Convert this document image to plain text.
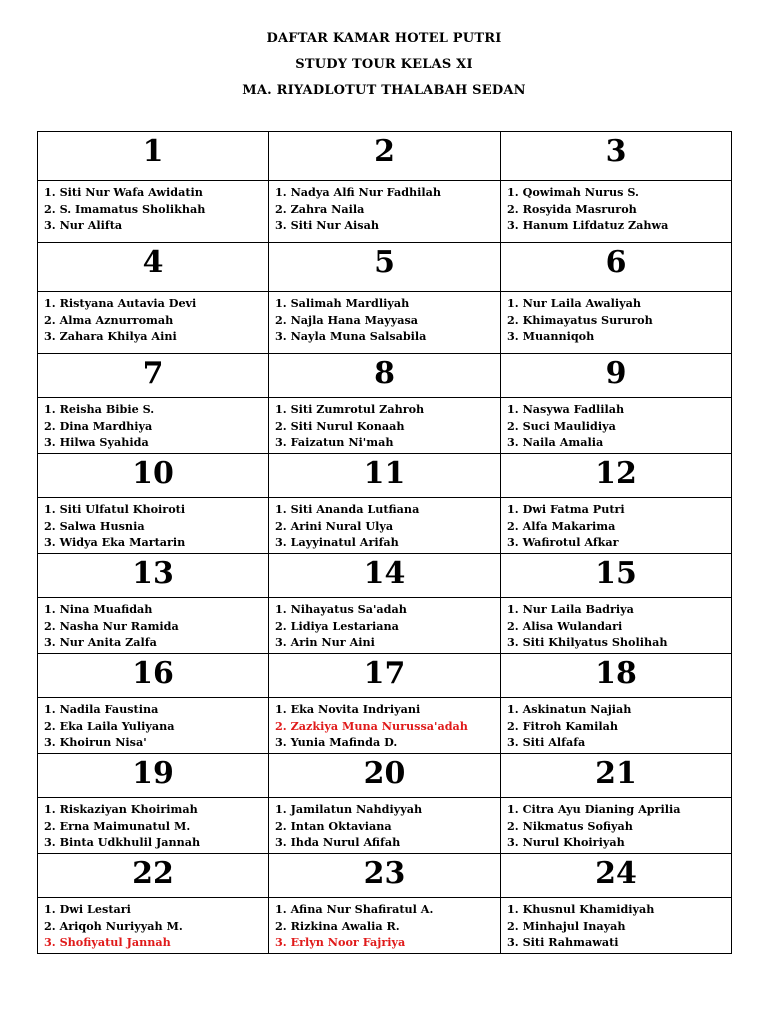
DAFTAR KAMAR HOTEL PUTRI
STUDY TOUR KELAS XI
MA. RIYADLOTUT THALABAH SEDAN
1	2	3

1. Siti Nur Wafa Awidatin
2. S. Imamatus Sholikhah
3. Nur Alifta	1. Nadya Alfi Nur Fadhilah
2. Zahra Naila
3. Siti Nur Aisah	1. Qowimah Nurus S.
2. Rosyida Masruroh
3. Hanum Lifdatuz Zahwa

4	5	6

1. Ristyana Autavia Devi
2. Alma Aznurromah
3. Zahara Khilya Aini	1. Salimah Mardliyah
2. Najla Hana Mayyasa
3. Nayla Muna Salsabila	1. Nur Laila Awaliyah
2. Khimayatus Sururoh
3. Muanniqoh

7	8	9

1. Reisha Bibie S.
2. Dina Mardhiya
3. Hilwa Syahida	1. Siti Zumrotul Zahroh
2. Siti Nurul Konaah
3. Faizatun Ni'mah	1. Nasywa Fadlilah
2. Suci Maulidiya
3. Naila Amalia

10	11	12

1. Siti Ulfatul Khoiroti
2. Salwa Husnia
3. Widya Eka Martarin	1. Siti Ananda Lutfiana
2. Arini Nural Ulya
3. Layyinatul Arifah	1. Dwi Fatma Putri
2. Alfa Makarima
3. Wafirotul Afkar

13	14	15

1. Nina Muafidah
2. Nasha Nur Ramida
3. Nur Anita Zalfa	1. Nihayatus Sa'adah
2. Lidiya Lestariana
3. Arin Nur Aini	1. Nur Laila Badriya
2. Alisa Wulandari
3. Siti Khilyatus Sholihah

16	17	18

1. Nadila Faustina
2. Eka Laila Yuliyana
3. Khoirun Nisa'	1. Eka Novita Indriyani
2. Zazkiya Muna Nurussa'adah
3. Yunia Mafinda D.	1. Askinatun Najiah
2. Fitroh Kamilah
3. Siti Alfafa

19	20	21

1. Riskaziyan Khoirimah
2. Erna Maimunatul M.
3. Binta Udkhulil Jannah	1. Jamilatun Nahdiyyah
2. Intan Oktaviana
3. Ihda Nurul Afifah	1. Citra Ayu Dianing Aprilia
2. Nikmatus Sofiyah
3. Nurul Khoiriyah

22	23	24

1. Dwi Lestari
2. Ariqoh Nuriyyah M.
3. Shofiyatul Jannah	1. Afina Nur Shafiratul A.
2. Rizkina Awalia R.
3. Erlyn Noor Fajriya	1. Khusnul Khamidiyah
2. Minhajul Inayah
3. Siti Rahmawati
